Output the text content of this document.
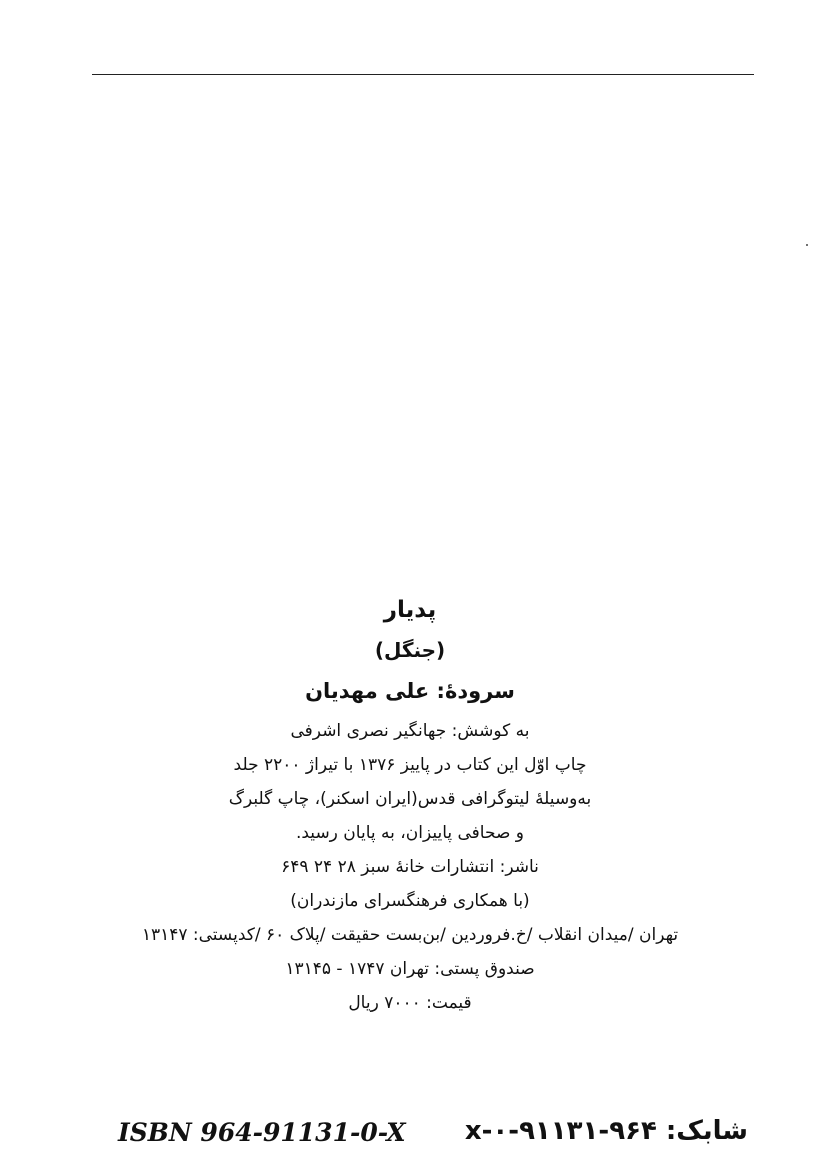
پدیار
(جنگل)
سرودهٔ: علی مهدیان
به کوشش: جهانگیر نصری اشرفی
چاپ اوّل این کتاب در پاییز ۱۳۷۶ با تیراژ ۲۲۰۰ جلد
به‌وسیلهٔ لیتوگرافی قدس(ایران اسکنر)، چاپ گلبرگ
و صحافی پاییزان، به پایان رسید.
ناشر: انتشارات خانهٔ سبز ۲۸ ۲۴ ۶۴۹
(با همکاری فرهنگسرای مازندران)
تهران /میدان انقلاب /خ.فروردین /بن‌بست حقیقت /پلاک ۶۰ /کدپستی: ۱۳۱۴۷
صندوق پستی: تهران ۱۷۴۷ - ۱۳۱۴۵
قیمت: ۷۰۰۰ ریال
ISBN 964-91131-0-X شابک: ۹۶۴-۹۱۱۳۱-۰-x
